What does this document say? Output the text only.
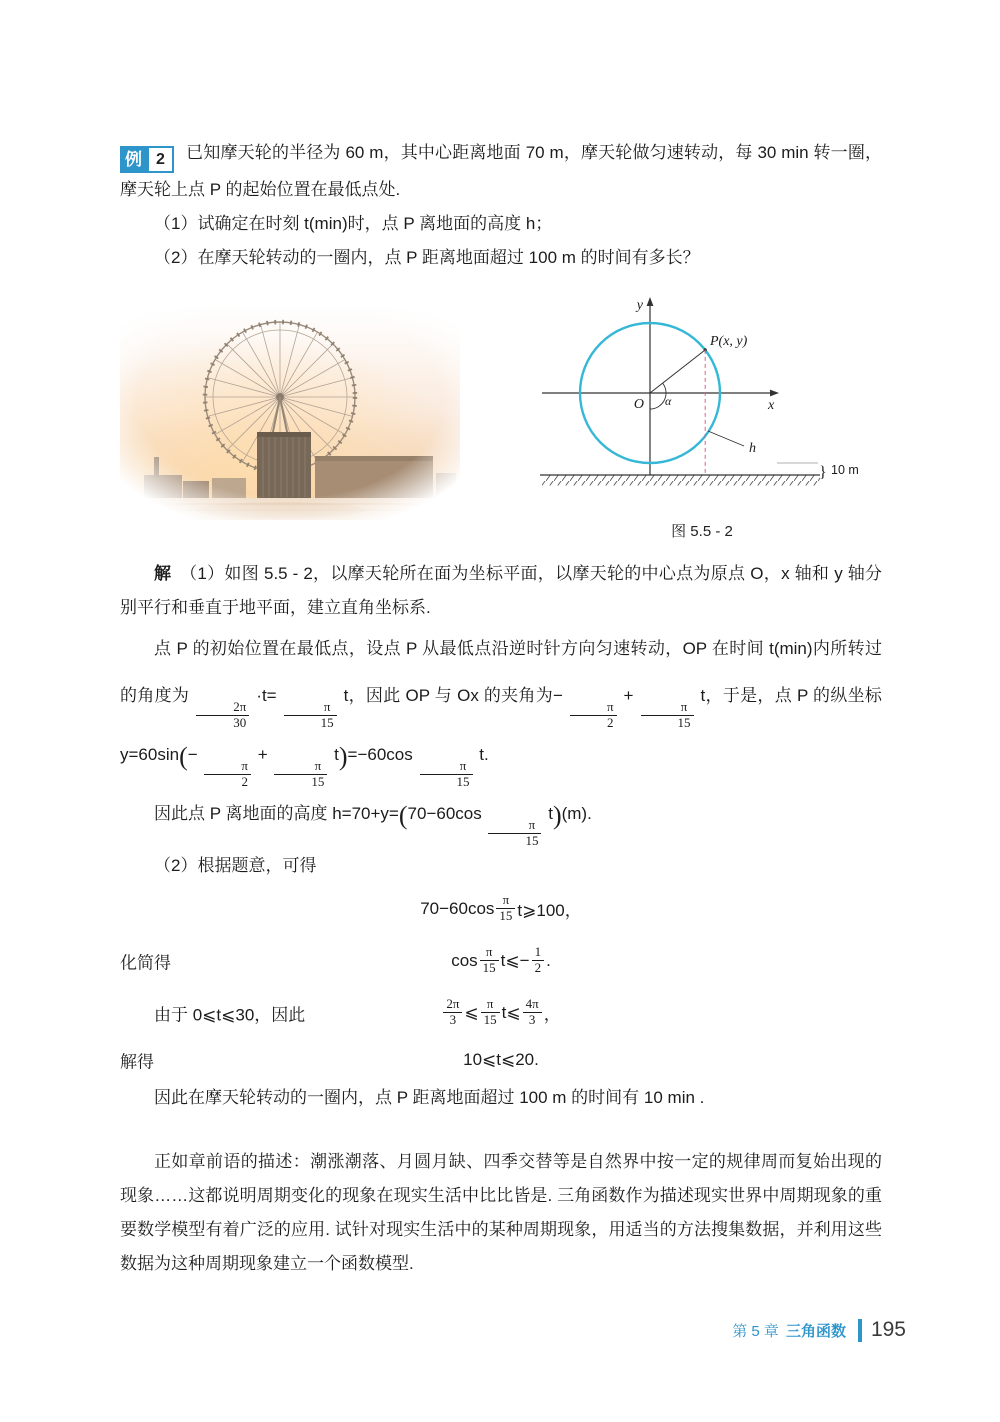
例 2	已知摩天轮的半径为 60 m，其中心距离地面 70 m，摩天轮做匀速转动，每 30 min 转一圈，摩天轮上点 P 的起始位置在最低点处.

（1）试确定在时刻 t(min)时，点 P 离地面的高度 h；

（2）在摩天轮转动的一圈内，点 P 距离地面超过 100 m 的时间有多长？

y
x
P(x, y)
α
O
h
} 10 m
图 5.5 - 2

解　（1）如图 5.5 - 2，以摩天轮所在面为坐标平面，以摩天轮的中心点为原点 O，x 轴和 y 轴分别平行和垂直于地平面，建立直角坐标系.

点 P 的初始位置在最低点，设点 P 从最低点沿逆时针方向匀速转动，OP 在时间 t(min)内所转过的角度为
$\frac{2\pi}{30}$
·t=
$\frac{\pi}{15}$
t，因此 OP 与 Ox 的夹角为−
$\frac{\pi}{2}$
+
$\frac{\pi}{15}$
t，于是，点 P 的纵坐标 y=60sin(−
$\frac{\pi}{2}$
+
$\frac{\pi}{15}$
t)=−60cos
$\frac{\pi}{15}$
t.

因此点 P 离地面的高度 h=70+y=(70−60cos
$\frac{\pi}{15}$
t)(m).

（2）根据题意，可得

$70-60\cos \frac{\pi}{15}$ t⩾100，
化简得	$\cos \frac{\pi}{15}$ t⩽− $\frac{1}{2}$ .
由于 0⩽t⩽30，因此	$\frac{2\pi}{3}$ ⩽ $\frac{\pi}{15}$ t⩽ $\frac{4\pi}{3}$ ，
解得	10⩽t⩽20.

因此在摩天轮转动的一圈内，点 P 距离地面超过 100 m 的时间有 10 min .

正如章前语的描述：潮涨潮落、月圆月缺、四季交替等是自然界中按一定的规律周而复始出现的现象……这都说明周期变化的现象在现实生活中比比皆是. 三角函数作为描述现实世界中周期现象的重要数学模型有着广泛的应用. 试针对现实生活中的某种周期现象，用适当的方法搜集数据，并利用这些数据为这种周期现象建立一个函数模型.

第 5 章 三角函数 195
